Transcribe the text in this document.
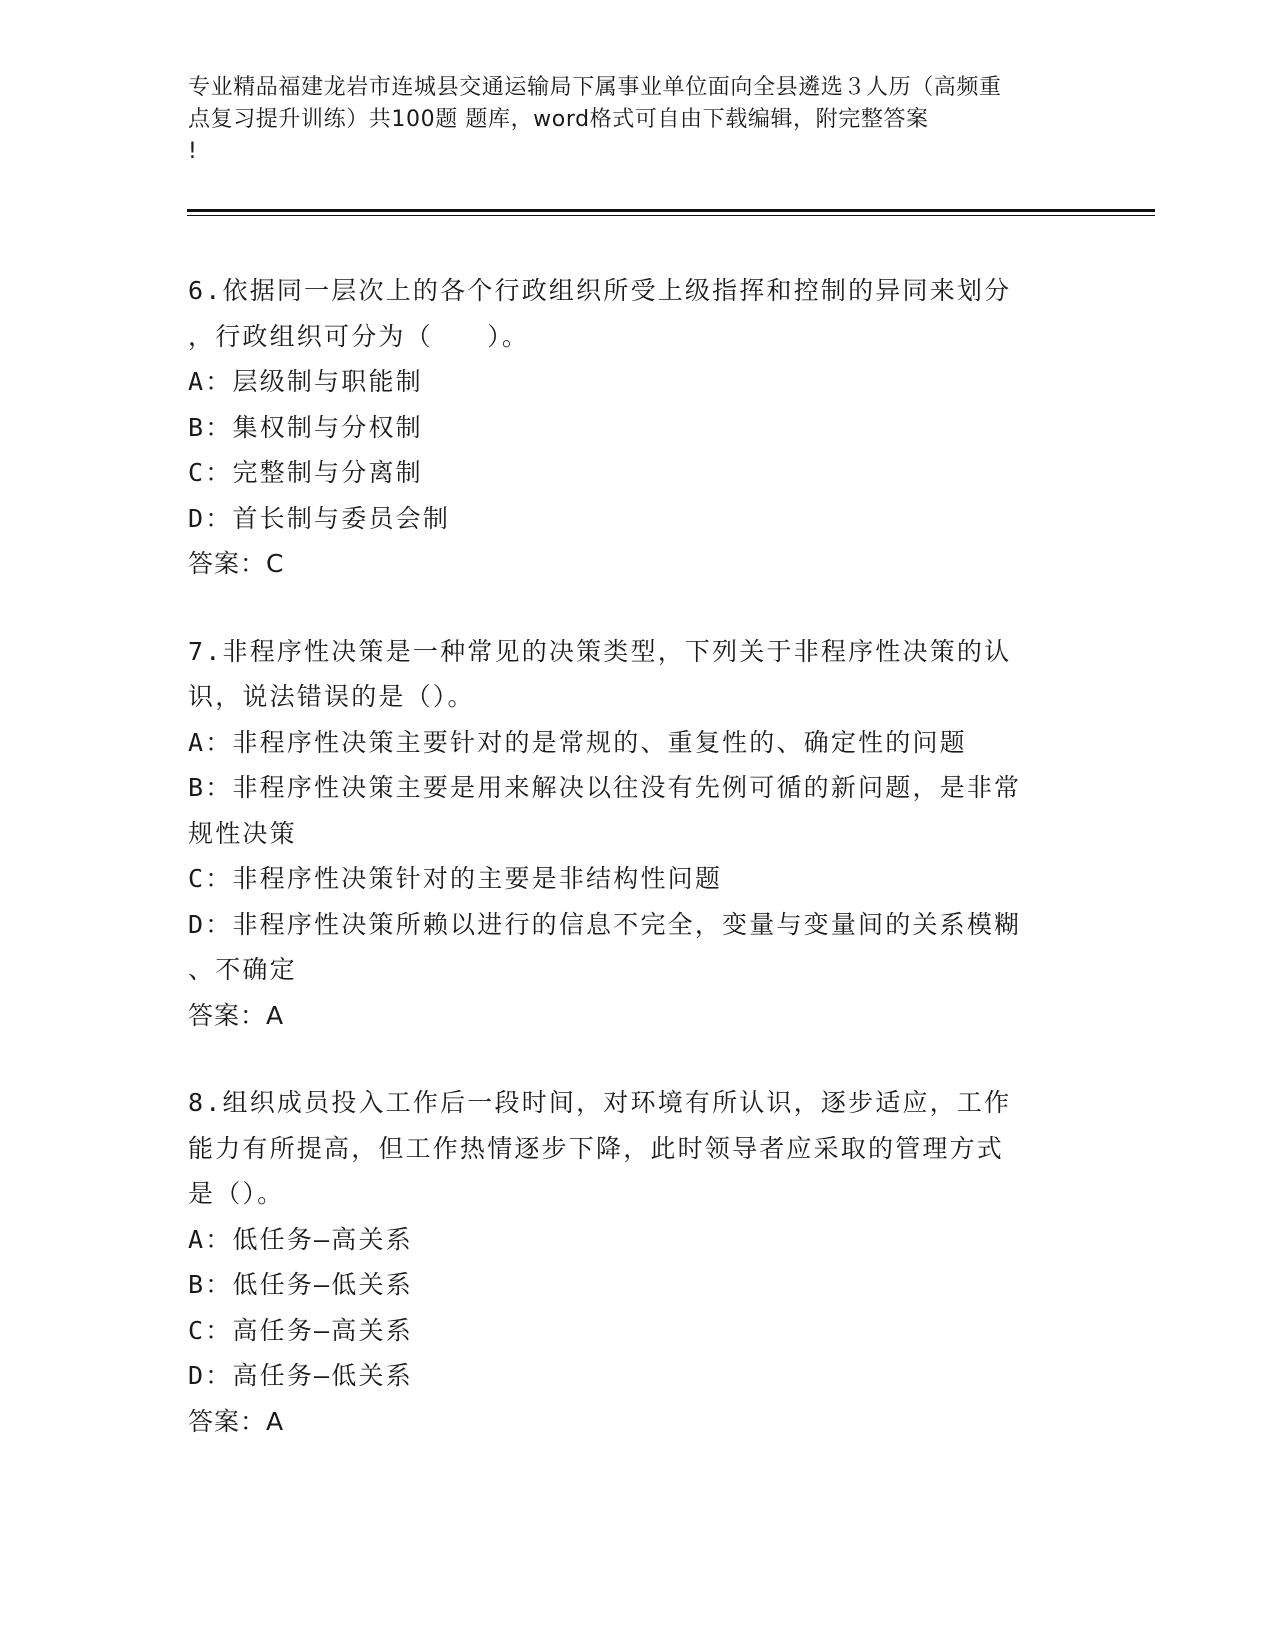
专业精品福建龙岩市连城县交通运输局下属事业单位面向全县遴选３人历（高频重
点复习提升训练）共100题 题库，word格式可自由下载编辑，附完整答案
!
6.依据同一层次上的各个行政组织所受上级指挥和控制的异同来划分
，行政组织可分为（　　）。
A：层级制与职能制
B：集权制与分权制
C：完整制与分离制
D：首长制与委员会制
答案：C
7.非程序性决策是一种常见的决策类型，下列关于非程序性决策的认
识，说法错误的是（）。
A：非程序性决策主要针对的是常规的、重复性的、确定性的问题
B：非程序性决策主要是用来解决以往没有先例可循的新问题，是非常
规性决策
C：非程序性决策针对的主要是非结构性问题
D：非程序性决策所赖以进行的信息不完全，变量与变量间的关系模糊
、不确定
答案：A
8.组织成员投入工作后一段时间，对环境有所认识，逐步适应，工作
能力有所提高，但工作热情逐步下降，此时领导者应采取的管理方式
是（）。
A：低任务—高关系
B：低任务—低关系
C：高任务—高关系
D：高任务—低关系
答案：A
